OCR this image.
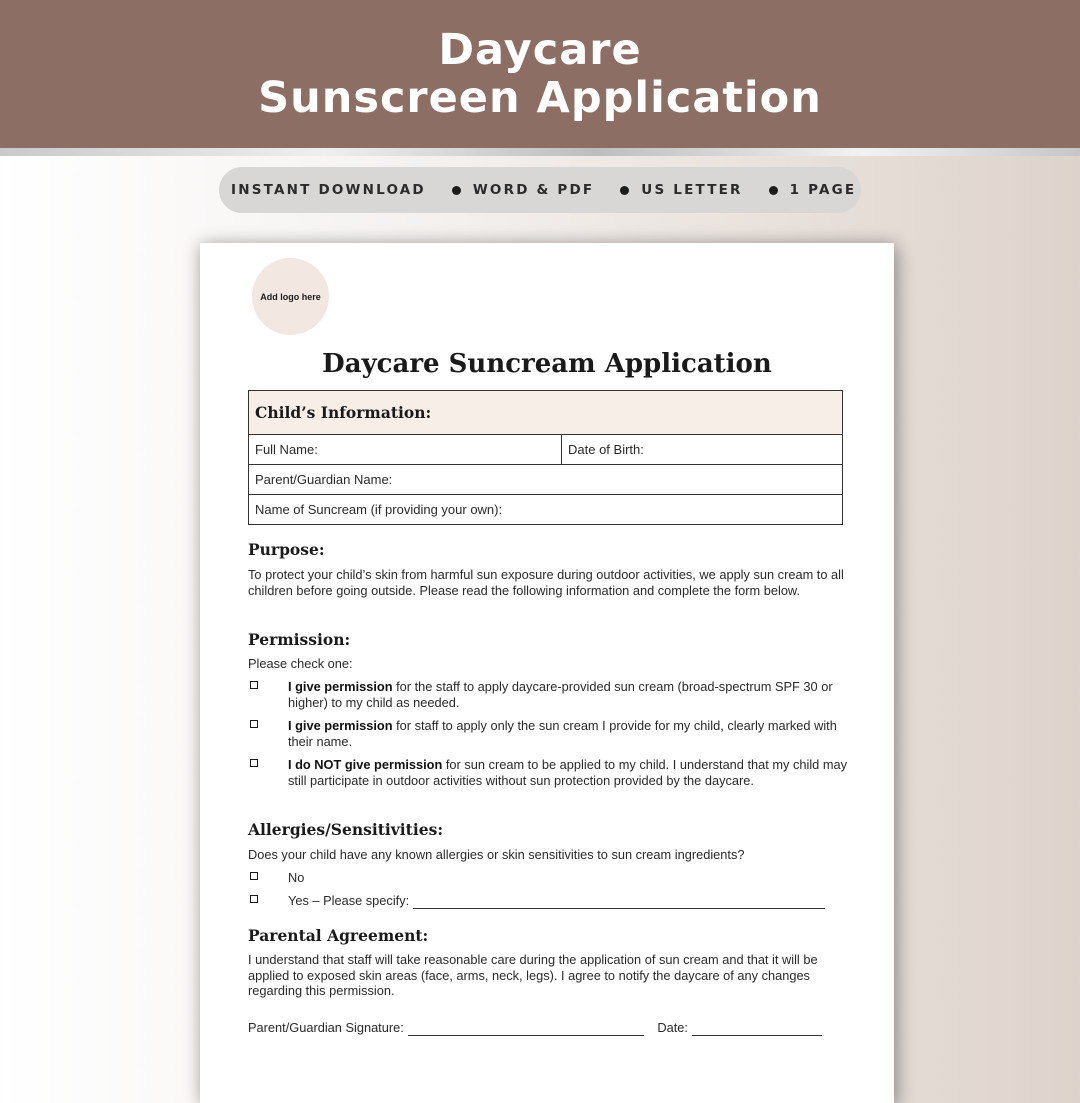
Daycare
Sunscreen Application
INSTANT DOWNLOAD	WORD & PDF	US LETTER	1 PAGE
Add logo here
Daycare Suncream Application
Child’s Information:
Full Name:	Date of Birth:
Parent/Guardian Name:
Name of Suncream (if providing your own):
Purpose:
To protect your child’s skin from harmful sun exposure during outdoor activities, we apply sun cream to all children before going outside. Please read the following information and complete the form below.
Permission:
Please check one:
I give permission for the staff to apply daycare-provided sun cream (broad-spectrum SPF 30 or higher) to my child as needed.
I give permission for staff to apply only the sun cream I provide for my child, clearly marked with their name.
I do NOT give permission for sun cream to be applied to my child. I understand that my child may still participate in outdoor activities without sun protection provided by the daycare.
Allergies/Sensitivities:
Does your child have any known allergies or skin sensitivities to sun cream ingredients?
No
Yes – Please specify:
Parental Agreement:
I understand that staff will take reasonable care during the application of sun cream and that it will be applied to exposed skin areas (face, arms, neck, legs). I agree to notify the daycare of any changes regarding this permission.
Parent/Guardian Signature:	Date:
